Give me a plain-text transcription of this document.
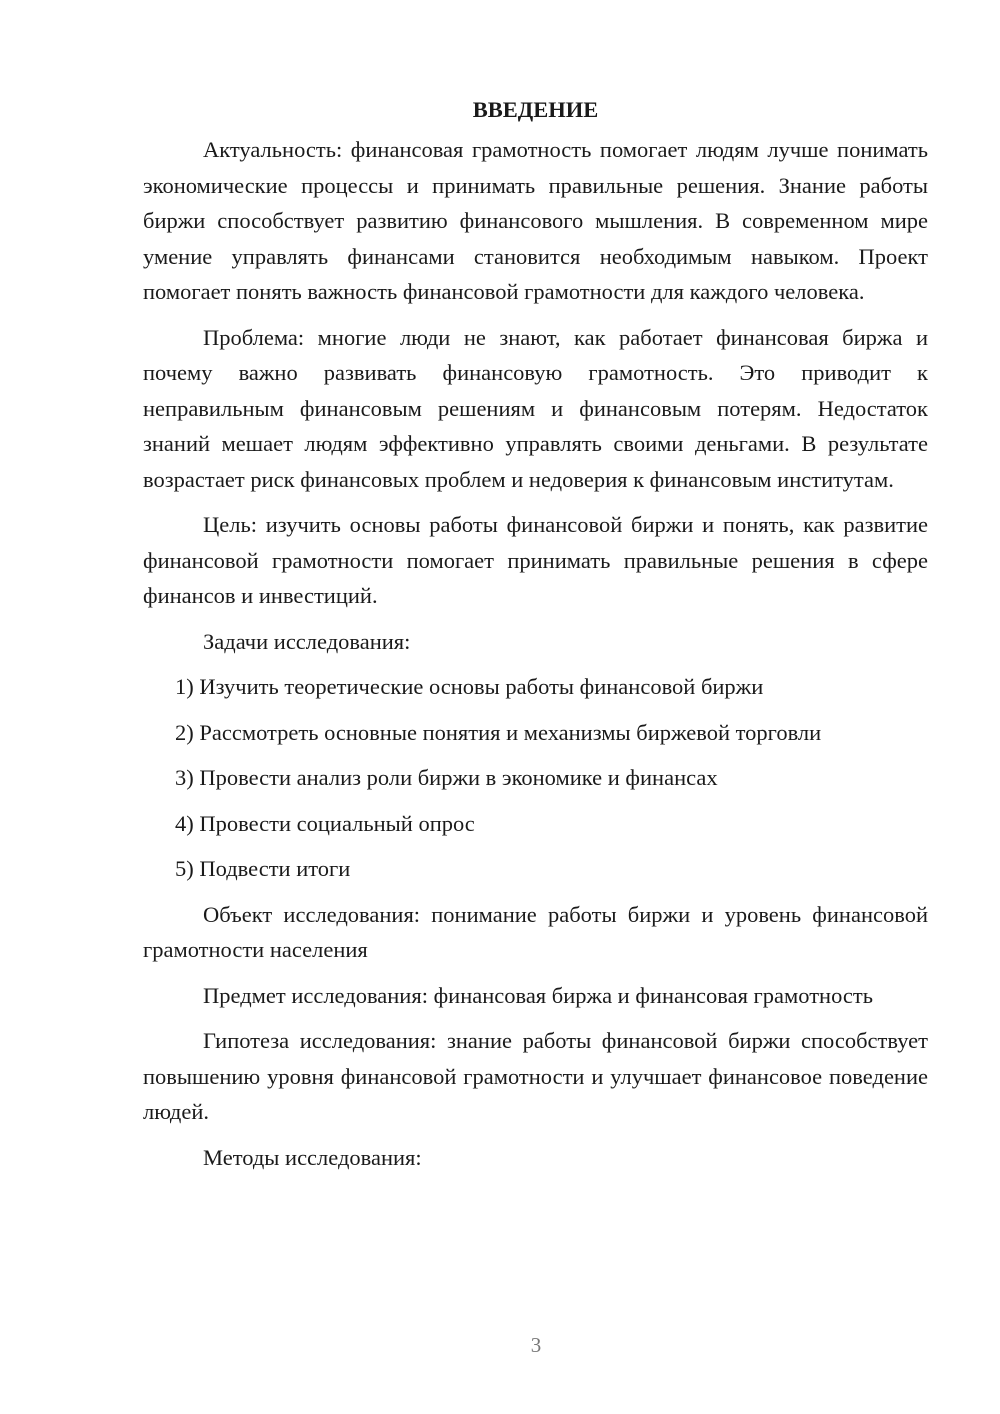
ВВЕДЕНИЕ

Актуальность: финансовая грамотность помогает людям лучше понимать экономические процессы и принимать правильные решения. Знание работы биржи способствует развитию финансового мышления. В современном мире умение управлять финансами становится необходимым навыком. Проект помогает понять важность финансовой грамотности для каждого человека.

Проблема: многие люди не знают, как работает финансовая биржа и почему важно развивать финансовую грамотность. Это приводит к неправильным финансовым решениям и финансовым потерям. Недостаток знаний мешает людям эффективно управлять своими деньгами. В результате возрастает риск финансовых проблем и недоверия к финансовым институтам.

Цель: изучить основы работы финансовой биржи и понять, как развитие финансовой грамотности помогает принимать правильные решения в сфере финансов и инвестиций.

Задачи исследования:

1) Изучить теоретические основы работы финансовой биржи
2) Рассмотреть основные понятия и механизмы биржевой торговли
3) Провести анализ роли биржи в экономике и финансах
4) Провести социальный опрос
5) Подвести итоги

Объект исследования: понимание работы биржи и уровень финансовой грамотности населения

Предмет исследования: финансовая биржа и финансовая грамотность

Гипотеза исследования: знание работы финансовой биржи способствует повышению уровня финансовой грамотности и улучшает финансовое поведение людей.

Методы исследования:

3
